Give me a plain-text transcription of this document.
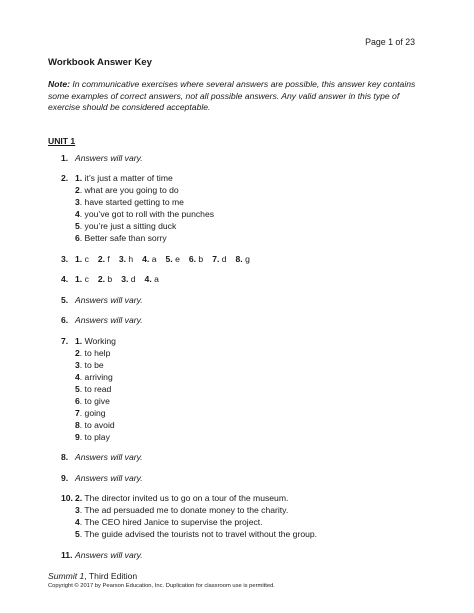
Page 1 of 23
Workbook Answer Key
Note: In communicative exercises where several answers are possible, this answer key contains some examples of correct answers, not all possible answers. Any valid answer in this type of exercise should be considered acceptable.
UNIT 1
1. Answers will vary.
2. 1. it’s just a matter of time
2. what are you going to do
3. have started getting to me
4. you’ve got to roll with the punches
5. you’re just a sitting duck
6. Better safe than sorry
3. 1. c 2. f 3. h 4. a 5. e 6. b 7. d 8. g
4. 1. c 2. b 3. d 4. a
5. Answers will vary.
6. Answers will vary.
7. 1. Working
2. to help
3. to be
4. arriving
5. to read
6. to give
7. going
8. to avoid
9. to play
8. Answers will vary.
9. Answers will vary.
10. 2. The director invited us to go on a tour of the museum.
3. The ad persuaded me to donate money to the charity.
4. The CEO hired Janice to supervise the project.
5. The guide advised the tourists not to travel without the group.
11. Answers will vary.
Summit 1, Third Edition
Copyright © 2017 by Pearson Education, Inc. Duplication for classroom use is permitted.
